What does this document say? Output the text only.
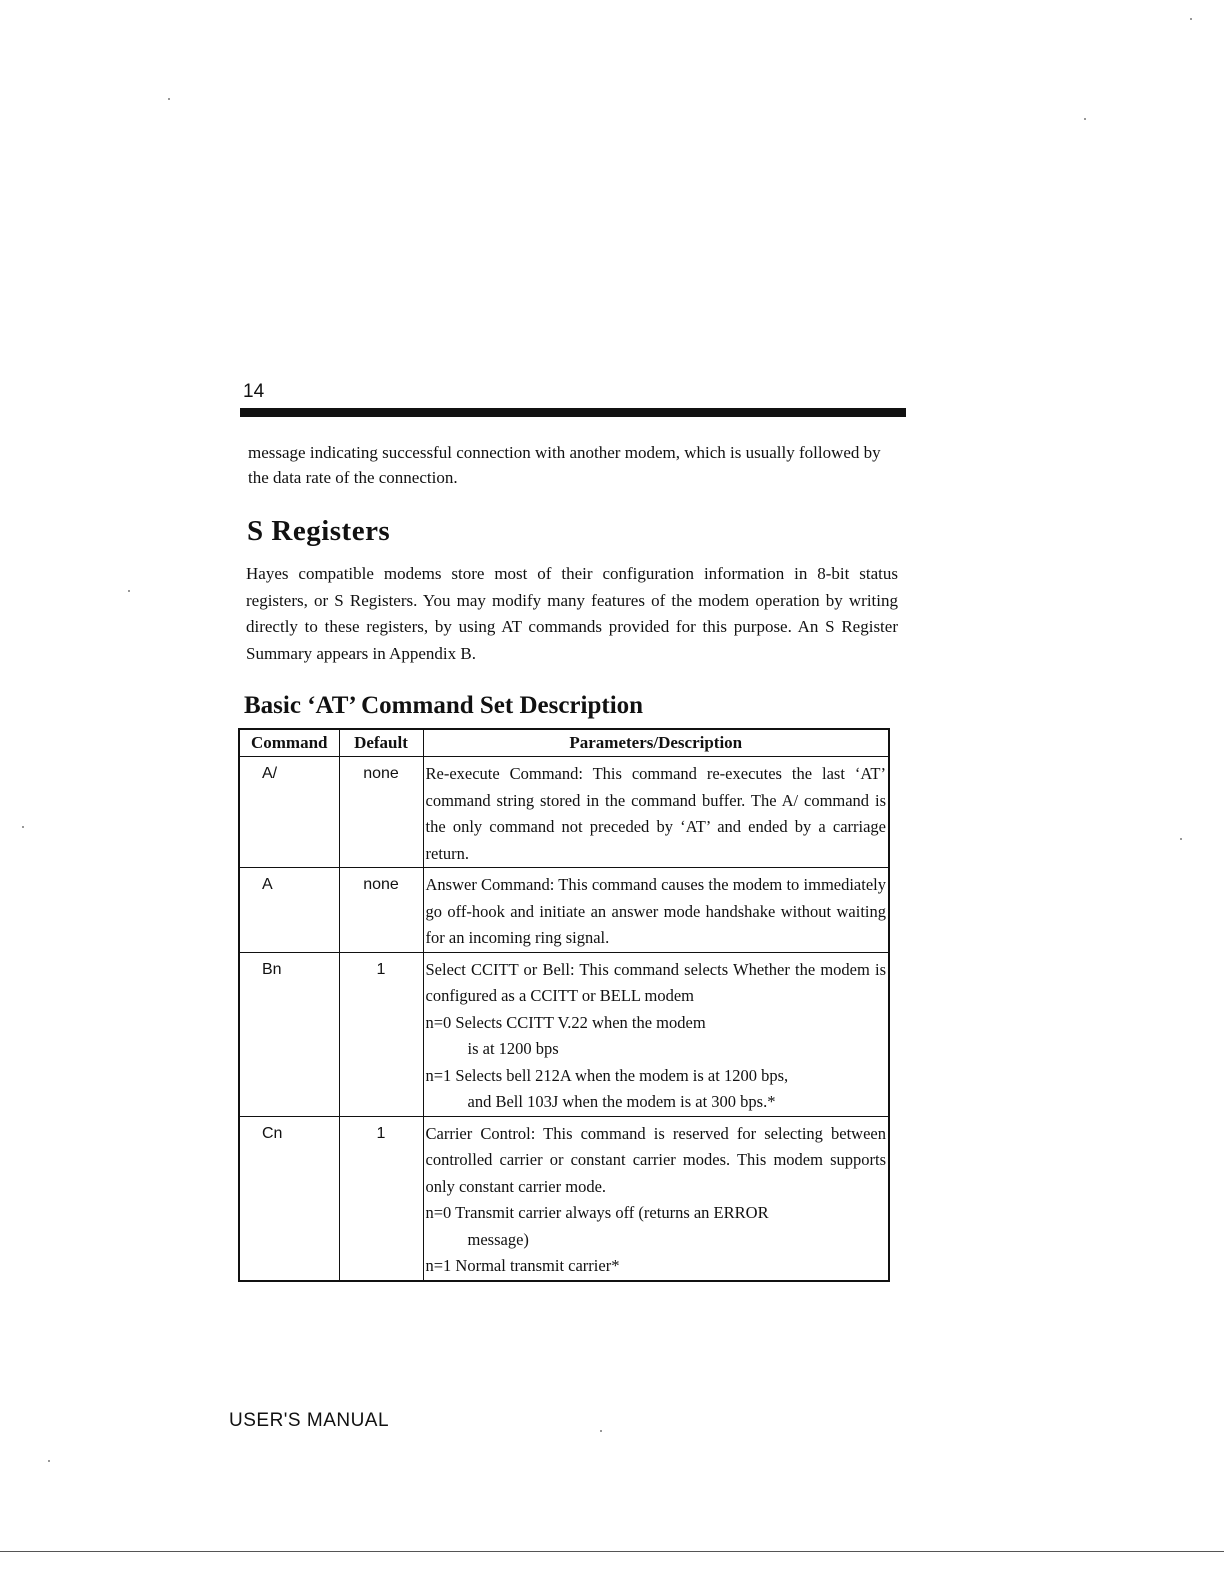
14

message indicating successful connection with another modem, which is usually followed by the data rate of the connection.

S Registers

Hayes compatible modems store most of their configuration information in 8-bit status registers, or S Registers. You may modify many features of the modem operation by writing directly to these registers, by using AT commands provided for this purpose. An S Register Summary appears in Appendix B.

Basic ‘AT’ Command Set Description
Command	Default	Parameters/Description
A/	none	Re-execute Command: This command re-executes the last ‘AT’ command string stored in the command buffer. The A/ command is the only command not preceded by ‘AT’ and ended by a carriage return.

A	none	Answer Command: This command causes the modem to immediately go off-hook and initiate an answer mode handshake without waiting for an incoming ring signal.

Bn	1	Select CCITT or Bell: This command selects Whether the modem is configured as a CCITT or BELL modem
n=0 Selects CCITT V.22 when the modem
is at 1200 bps
n=1 Selects bell 212A when the modem is at 1200 bps,
and Bell 103J when the modem is at 300 bps.*

Cn	1	Carrier Control: This command is reserved for selecting between controlled carrier or constant carrier modes. This modem supports only constant carrier mode.
n=0 Transmit carrier always off (returns an ERROR
message)
n=1 Normal transmit carrier*
USER'S MANUAL
